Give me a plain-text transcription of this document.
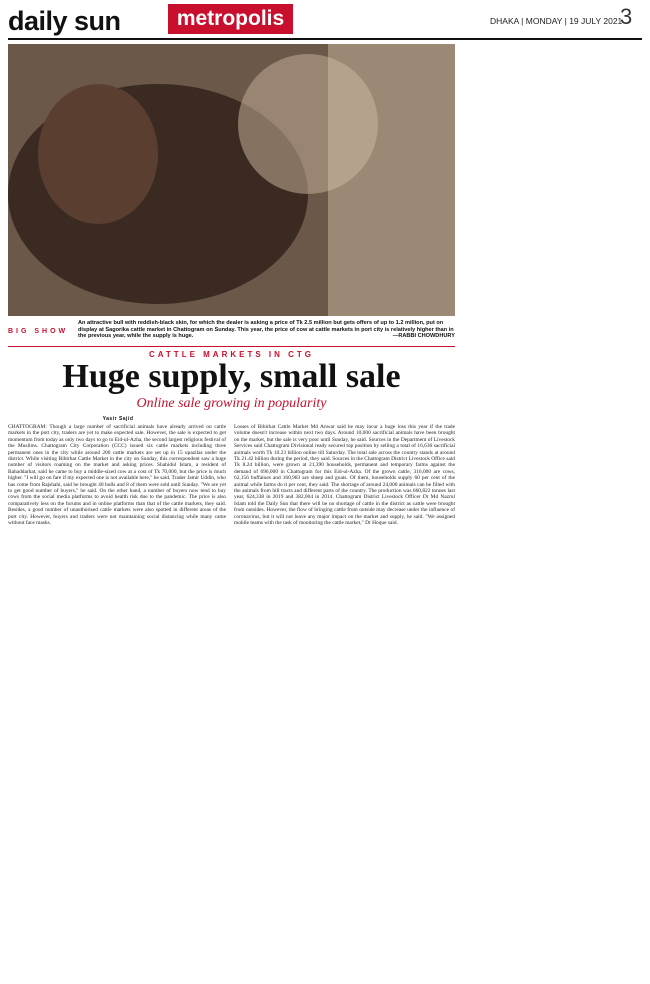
daily sun	metropolis	DHAKA | MONDAY | 19 JULY 2021
3
BIG SHOW
An attractive bull with reddish-black skin, for which the dealer is asking a price of Tk 2.5 million but gets offers of up to 1.2 million, put on display at Sagorika cattle market in Chattogram on Sunday. This year, the price of cow at cattle markets in port city is relatively higher than in the previous year, while the supply is huge.	—RABBI CHOWDHURY
CATTLE MARKETS IN CTG
Huge supply, small sale
Online sale growing in popularity
Yasir Sajid
CHATTOGRAM: Though a large number of sacrificial animals have already arrived on cattle markets in the port city, traders are yet to make expected sale. However, the sale is expected to get momentum from today as only two days to go to Eid-ul-Azha, the second largest religious festival of the Muslims. Chattogram City Corporation (CCC) issued six cattle markets including three permanent ones in the city while around 200 cattle markets are set up in 15 upazilas under the district. While visiting Bibirhat Cattle Market in the city on Sunday, this correspondent saw a huge number of visitors roaming on the market and asking prices. Shahidul Islam, a resident of Bahaddarhat, said he came to buy a middle-sized cow at a cost of Tk 70,000, but the price is much higher. "I will go on fare if my expected one is not available here," he said. Trader Jamir Uddin, who has come from Rajshahi, said he brought 40 bulls and 8 of them were sold until Sunday. "We are yet to get good number of buyers," he said. On the other hand, a number of buyers now tend to buy cows from the social media platforms to avoid health risk due to the pandemic. The price is also comparatively less on the forums and in online platforms than that of the cattle markets, they said. Besides, a good number of unauthorised cattle markets were also spotted in different areas of the port city. However, buyers and traders were not maintaining social distancing while many came without face masks.
Losses of Bibirhat Cattle Market Md Anwar said he may incur a huge loss this year if the trade volume doesn't increase within next two days. Around 10,000 sacrificial animals have been brought on the market, but the sale is very poor until Sunday, he said. Sources in the Department of Livestock Services said Chattogram Divisional ready secured top position by selling a total of 16,636 sacrificial animals worth Tk 10.23 billion online till Saturday. The total sale across the country stands at around Tk 21.42 billion during the period, they said. Sources in the Chattogram District Livestock Office said Tk 8.24 billion, were grown at 21,390 households, permanent and temporary farms against the demand of 696,000 in Chattogram for this Eid-ul-Azha. Of the grown cattle, 316,000 are cows, 62,156 buffaloes and 160,983 are sheep and goats. Of them, households supply 60 per cent of the animal while farms do it per cent, they said. The shortage of around 24,000 animals can be filled with the animals from hill tracts and different parts of the country. The production was 660,822 tonnes last year, 624,338 in 2019 and 382,004 in 2014. Chattogram District Livestock Officer Dr Md Nazrul Islam told the Daily Sun that there will be no shortage of cattle in the district as cattle were brought from outsides. However, the flow of bringing cattle from outside may decrease under the influence of coronavirus, but it will not leave any major impact on the market and supply, he said. "We assigned mobile teams with the task of monitoring the cattle market," Dr Hoque said.
